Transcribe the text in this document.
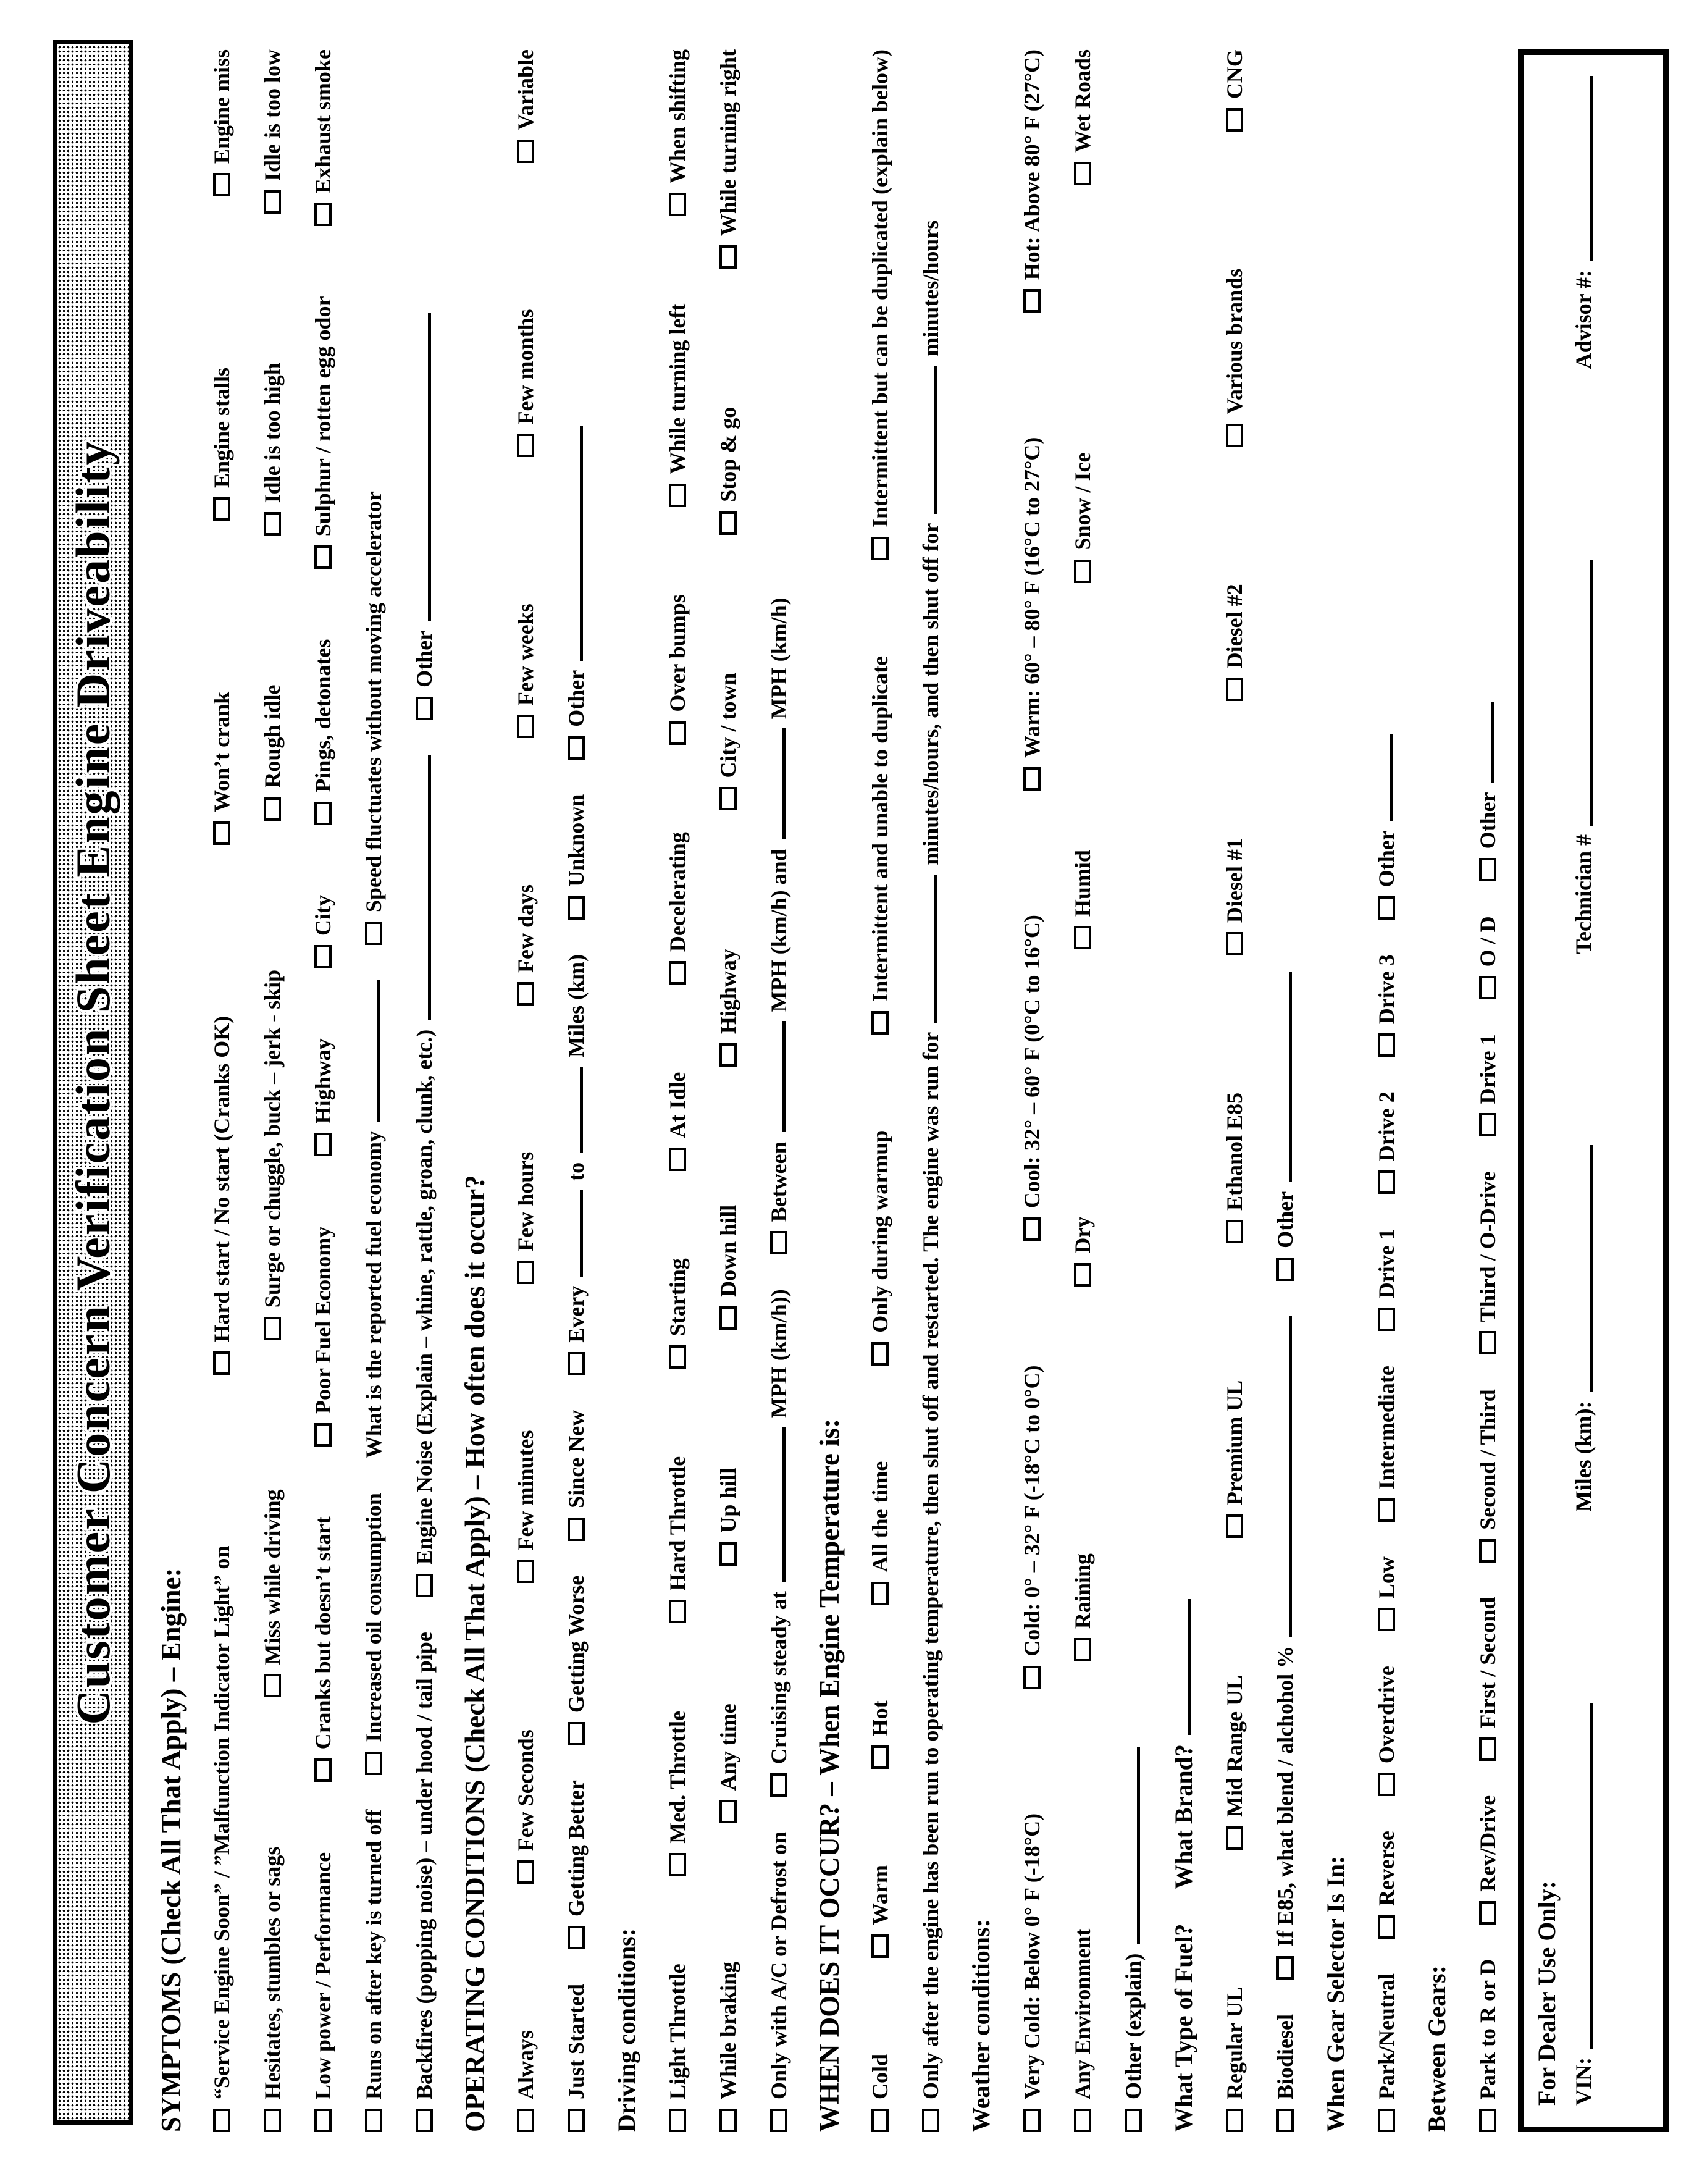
Customer Concern Verification Sheet Engine Driveability
SYMPTOMS (Check All That Apply) – Engine: “Service Engine Soon” / ”Malfunction Indicator Light” on
Hard start / No start (Cranks OK)
Won’t crank
Engine stalls
Engine miss
Hesitates, stumbles or sags
Miss while driving
Surge or chuggle, buck – jerk - skip
Rough idle
Idle is too high
Idle is too low
Low power / Performance
Cranks but doesn’t start
Poor Fuel Economy
Highway
City
Pings, detonates
Sulphur / rotten egg odor
Exhaust smoke
Runs on after key is turned off
Increased oil consumption
What is the reported fuel economy
Speed fluctuates without moving accelerator
Backfires (popping noise) – under hood / tail pipe
Engine Noise (Explain – whine, rattle, groan, clunk, etc.)
Other
OPERATING CONDITIONS (Check All That Apply) – How often does it occur? Always
Few Seconds
Few minutes
Few hours
Few days
Few weeks
Few months
Variable
Just Started
Getting Better
Getting Worse
Since New
Every
to
Miles (km)
Unknown
Other
Driving conditions: Light Throttle
Med. Throttle
Hard Throttle
Starting
At Idle
Decelerating
Over bumps
While turning left
When shifting
While braking
Any time
Up hill
Down hill
Highway
City / town
Stop & go
While turning right
Only with A/C or Defrost on
Cruising steady at
MPH (km/h))
Between
MPH (km/h) and
MPH (km/h)
WHEN DOES IT OCCUR? – When Engine Temperature is: Cold
Warm
Hot
All the time
Only during warmup
Intermittent and unable to duplicate
Intermittent but can be duplicated (explain below)
Only after the engine has been run to operating temperature, then shut off and restarted. The engine was run for
minutes/hours, and then shut off for
minutes/hours
Weather conditions: Very Cold: Below 0° F (-18°C)
Cold: 0° – 32° F (-18°C to 0°C)
Cool: 32° – 60° F (0°C to 16°C)
Warm: 60° – 80° F (16°C to 27°C)
Hot: Above 80° F (27°C)
Any Environment
Raining
Dry
Humid
Snow / Ice
Wet Roads
Other (explain) What Type of Fuel?
What Brand?
Regular UL
Mid Range UL
Premium UL
Ethanol E85
Diesel #1
Diesel #2
Various brands
CNG
Biodiesel
If E85, what blend / alchohol %
Other
When Gear Selector Is In: Park/Neutral
Reverse
Overdrive
Low
Intermediate
Drive 1
Drive 2
Drive 3
Other
Between Gears: Park to R or D
Rev/Drive
First / Second
Second / Third
Third / O-Drive
Drive 1
O / D
Other
For Dealer Use Only: VIN:
Miles (km):
Technician #
Advisor #:
